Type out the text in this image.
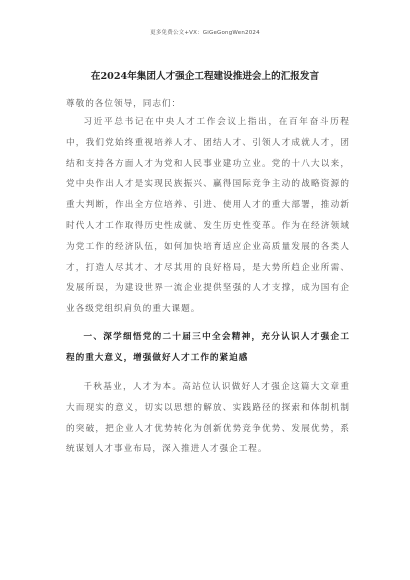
更多免费公文+VX：GiGeGongWen2024
在2024年集团人才强企工程建设推进会上的汇报发言
尊敬的各位领导，同志们：
习近平总书记在中央人才工作会议上指出，在百年奋斗历程中，我们党始终重视培养人才、团结人才、引领人才成就人才，团结和支持各方面人才为党和人民事业建功立业。党的十八大以来，党中央作出人才是实现民族振兴、赢得国际竞争主动的战略资源的重大判断，作出全方位培养、引进、使用人才的重大部署，推动新时代人才工作取得历史性成就、发生历史性变革。作为在经济领域为党工作的经济队伍，如何加快培育适应企业高质量发展的各类人才，打造人尽其才、才尽其用的良好格局，是大势所趋企业所需、发展所误，为建设世界一流企业提供坚强的人才支撑，成为国有企业各级党组织肩负的重大课题。
一、深学细悟党的二十届三中全会精神，充分认识人才强企工程的重大意义，增强做好人才工作的紧迫感
千秋基业，人才为本。高站位认识做好人才强企这篇大文章重大而现实的意义，切实以思想的解放、实践路径的探索和体制机制的突破，把企业人才优势转化为创新优势竞争优势、发展优势，系统谋划人才事业布局，深入推进人才强企工程。
